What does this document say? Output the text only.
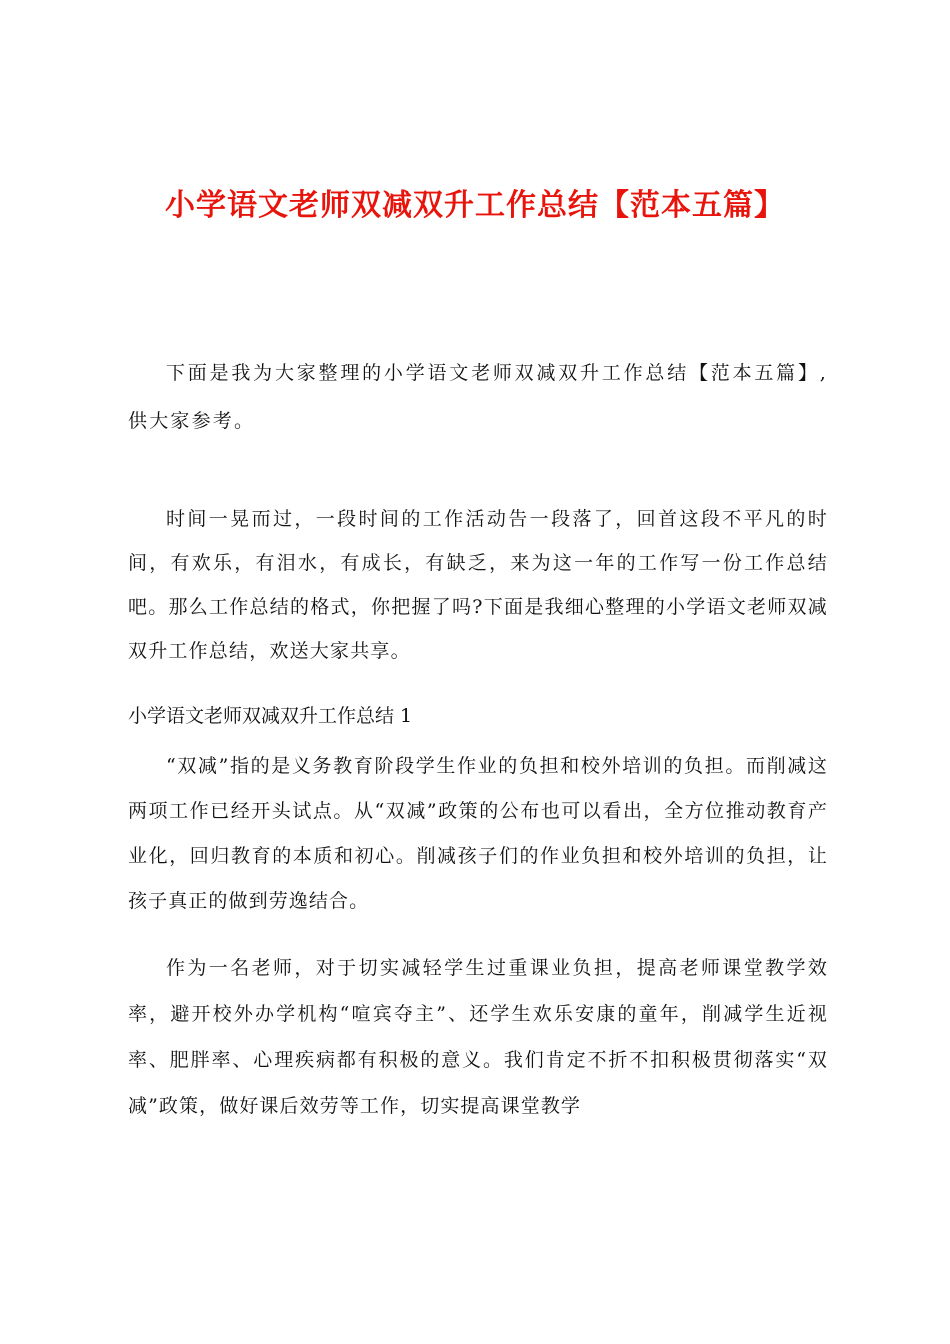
小学语文老师双减双升工作总结【范本五篇】

下面是我为大家整理的小学语文老师双减双升工作总结【范本五篇】,供大家参考。

时间一晃而过，一段时间的工作活动告一段落了，回首这段不平凡的时间，有欢乐，有泪水，有成长，有缺乏，来为这一年的工作写一份工作总结吧。那么工作总结的格式，你把握了吗?下面是我细心整理的小学语文老师双减双升工作总结，欢送大家共享。

小学语文老师双减双升工作总结 1

“双减”指的是义务教育阶段学生作业的负担和校外培训的负担。而削减这两项工作已经开头试点。从“双减”政策的公布也可以看出，全方位推动教育产业化，回归教育的本质和初心。削减孩子们的作业负担和校外培训的负担，让孩子真正的做到劳逸结合。

作为一名老师，对于切实减轻学生过重课业负担，提高老师课堂教学效率，避开校外办学机构“喧宾夺主”、还学生欢乐安康的童年，削减学生近视率、肥胖率、心理疾病都有积极的意义。我们肯定不折不扣积极贯彻落实“双减”政策，做好课后效劳等工作，切实提高课堂教学
